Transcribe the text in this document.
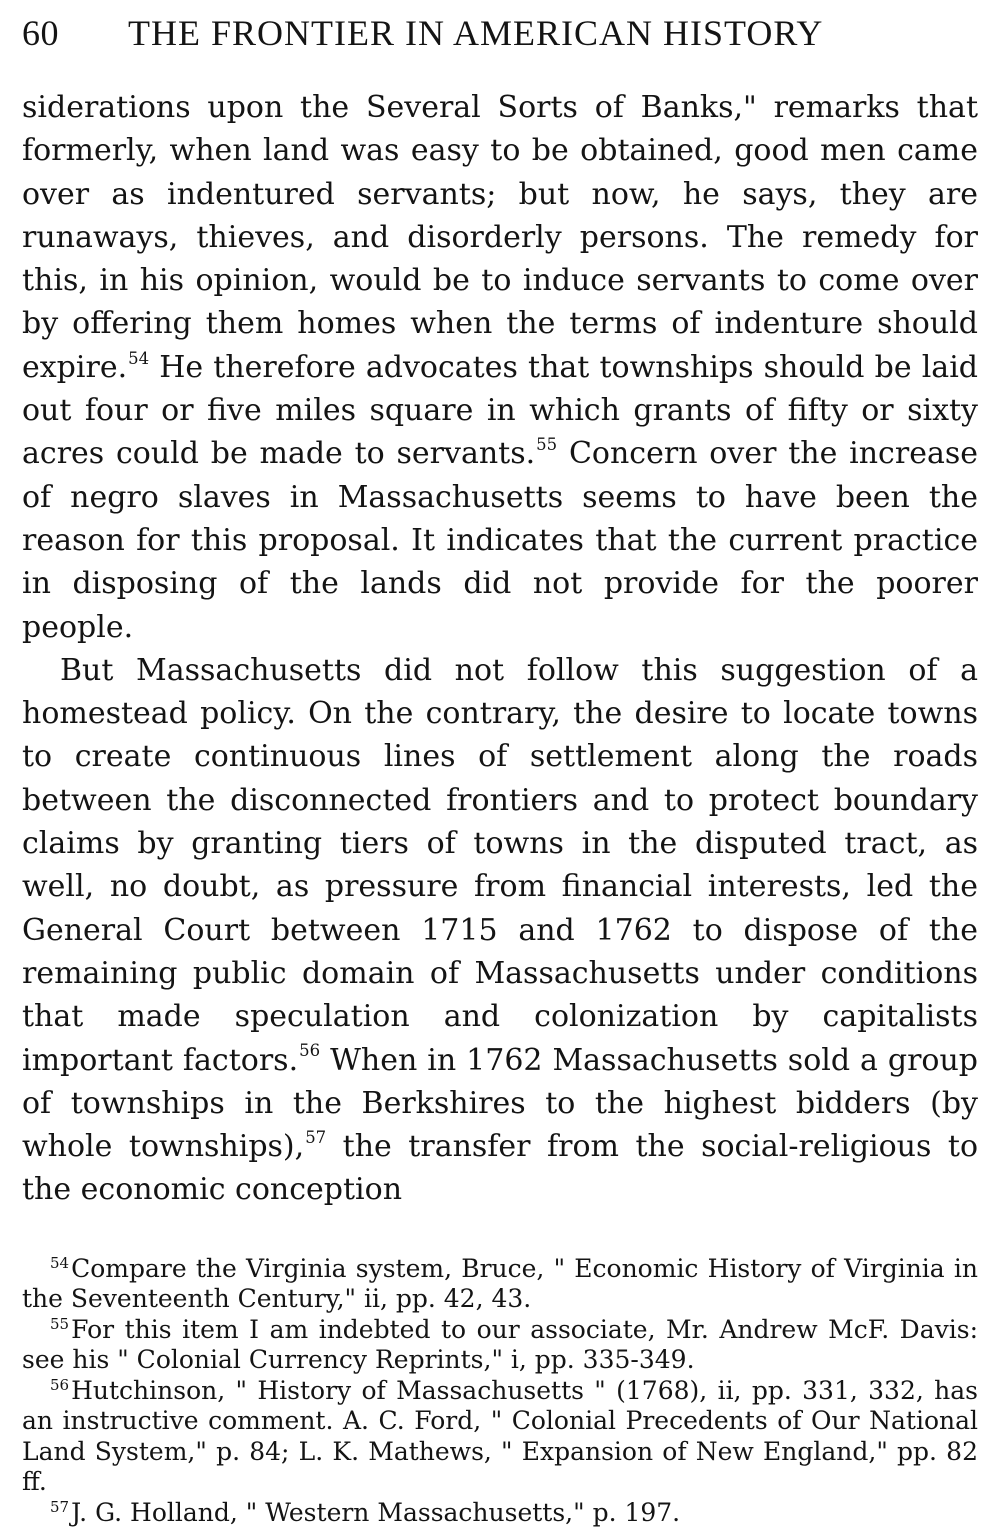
60	THE FRONTIER IN AMERICAN HISTORY

siderations upon the Several Sorts of Banks," remarks that formerly, when land was easy to be obtained, good men came over as indentured servants; but now, he says, they are runaways, thieves, and disorderly persons. The remedy for this, in his opinion, would be to induce servants to come over by offering them homes when the terms of indenture should expire.$^{54}$ He therefore advocates that townships should be laid out four or five miles square in which grants of fifty or sixty acres could be made to servants.$^{55}$ Concern over the increase of negro slaves in Massachusetts seems to have been the reason for this proposal. It indicates that the current practice in disposing of the lands did not provide for the poorer people.

But Massachusetts did not follow this suggestion of a homestead policy. On the contrary, the desire to locate towns to create continuous lines of settlement along the roads between the disconnected frontiers and to protect boundary claims by granting tiers of towns in the disputed tract, as well, no doubt, as pressure from financial interests, led the General Court between 1715 and 1762 to dispose of the remaining public domain of Massachusetts under conditions that made speculation and colonization by capitalists important factors.$^{56}$ When in 1762 Massachusetts sold a group of townships in the Berkshires to the highest bidders (by whole townships),$^{57}$ the transfer from the social-religious to the economic conception

$^{54}$Compare the Virginia system, Bruce, " Economic History of Virginia in the Seventeenth Century," ii, pp. 42, 43.

$^{55}$For this item I am indebted to our associate, Mr. Andrew McF. Davis: see his " Colonial Currency Reprints," i, pp. 335-349.

$^{56}$Hutchinson, " History of Massachusetts " (1768), ii, pp. 331, 332, has an instructive comment. A. C. Ford, " Colonial Precedents of Our National Land System," p. 84; L. K. Mathews, " Expansion of New England," pp. 82 ff.

$^{57}$J. G. Holland, " Western Massachusetts," p. 197.
